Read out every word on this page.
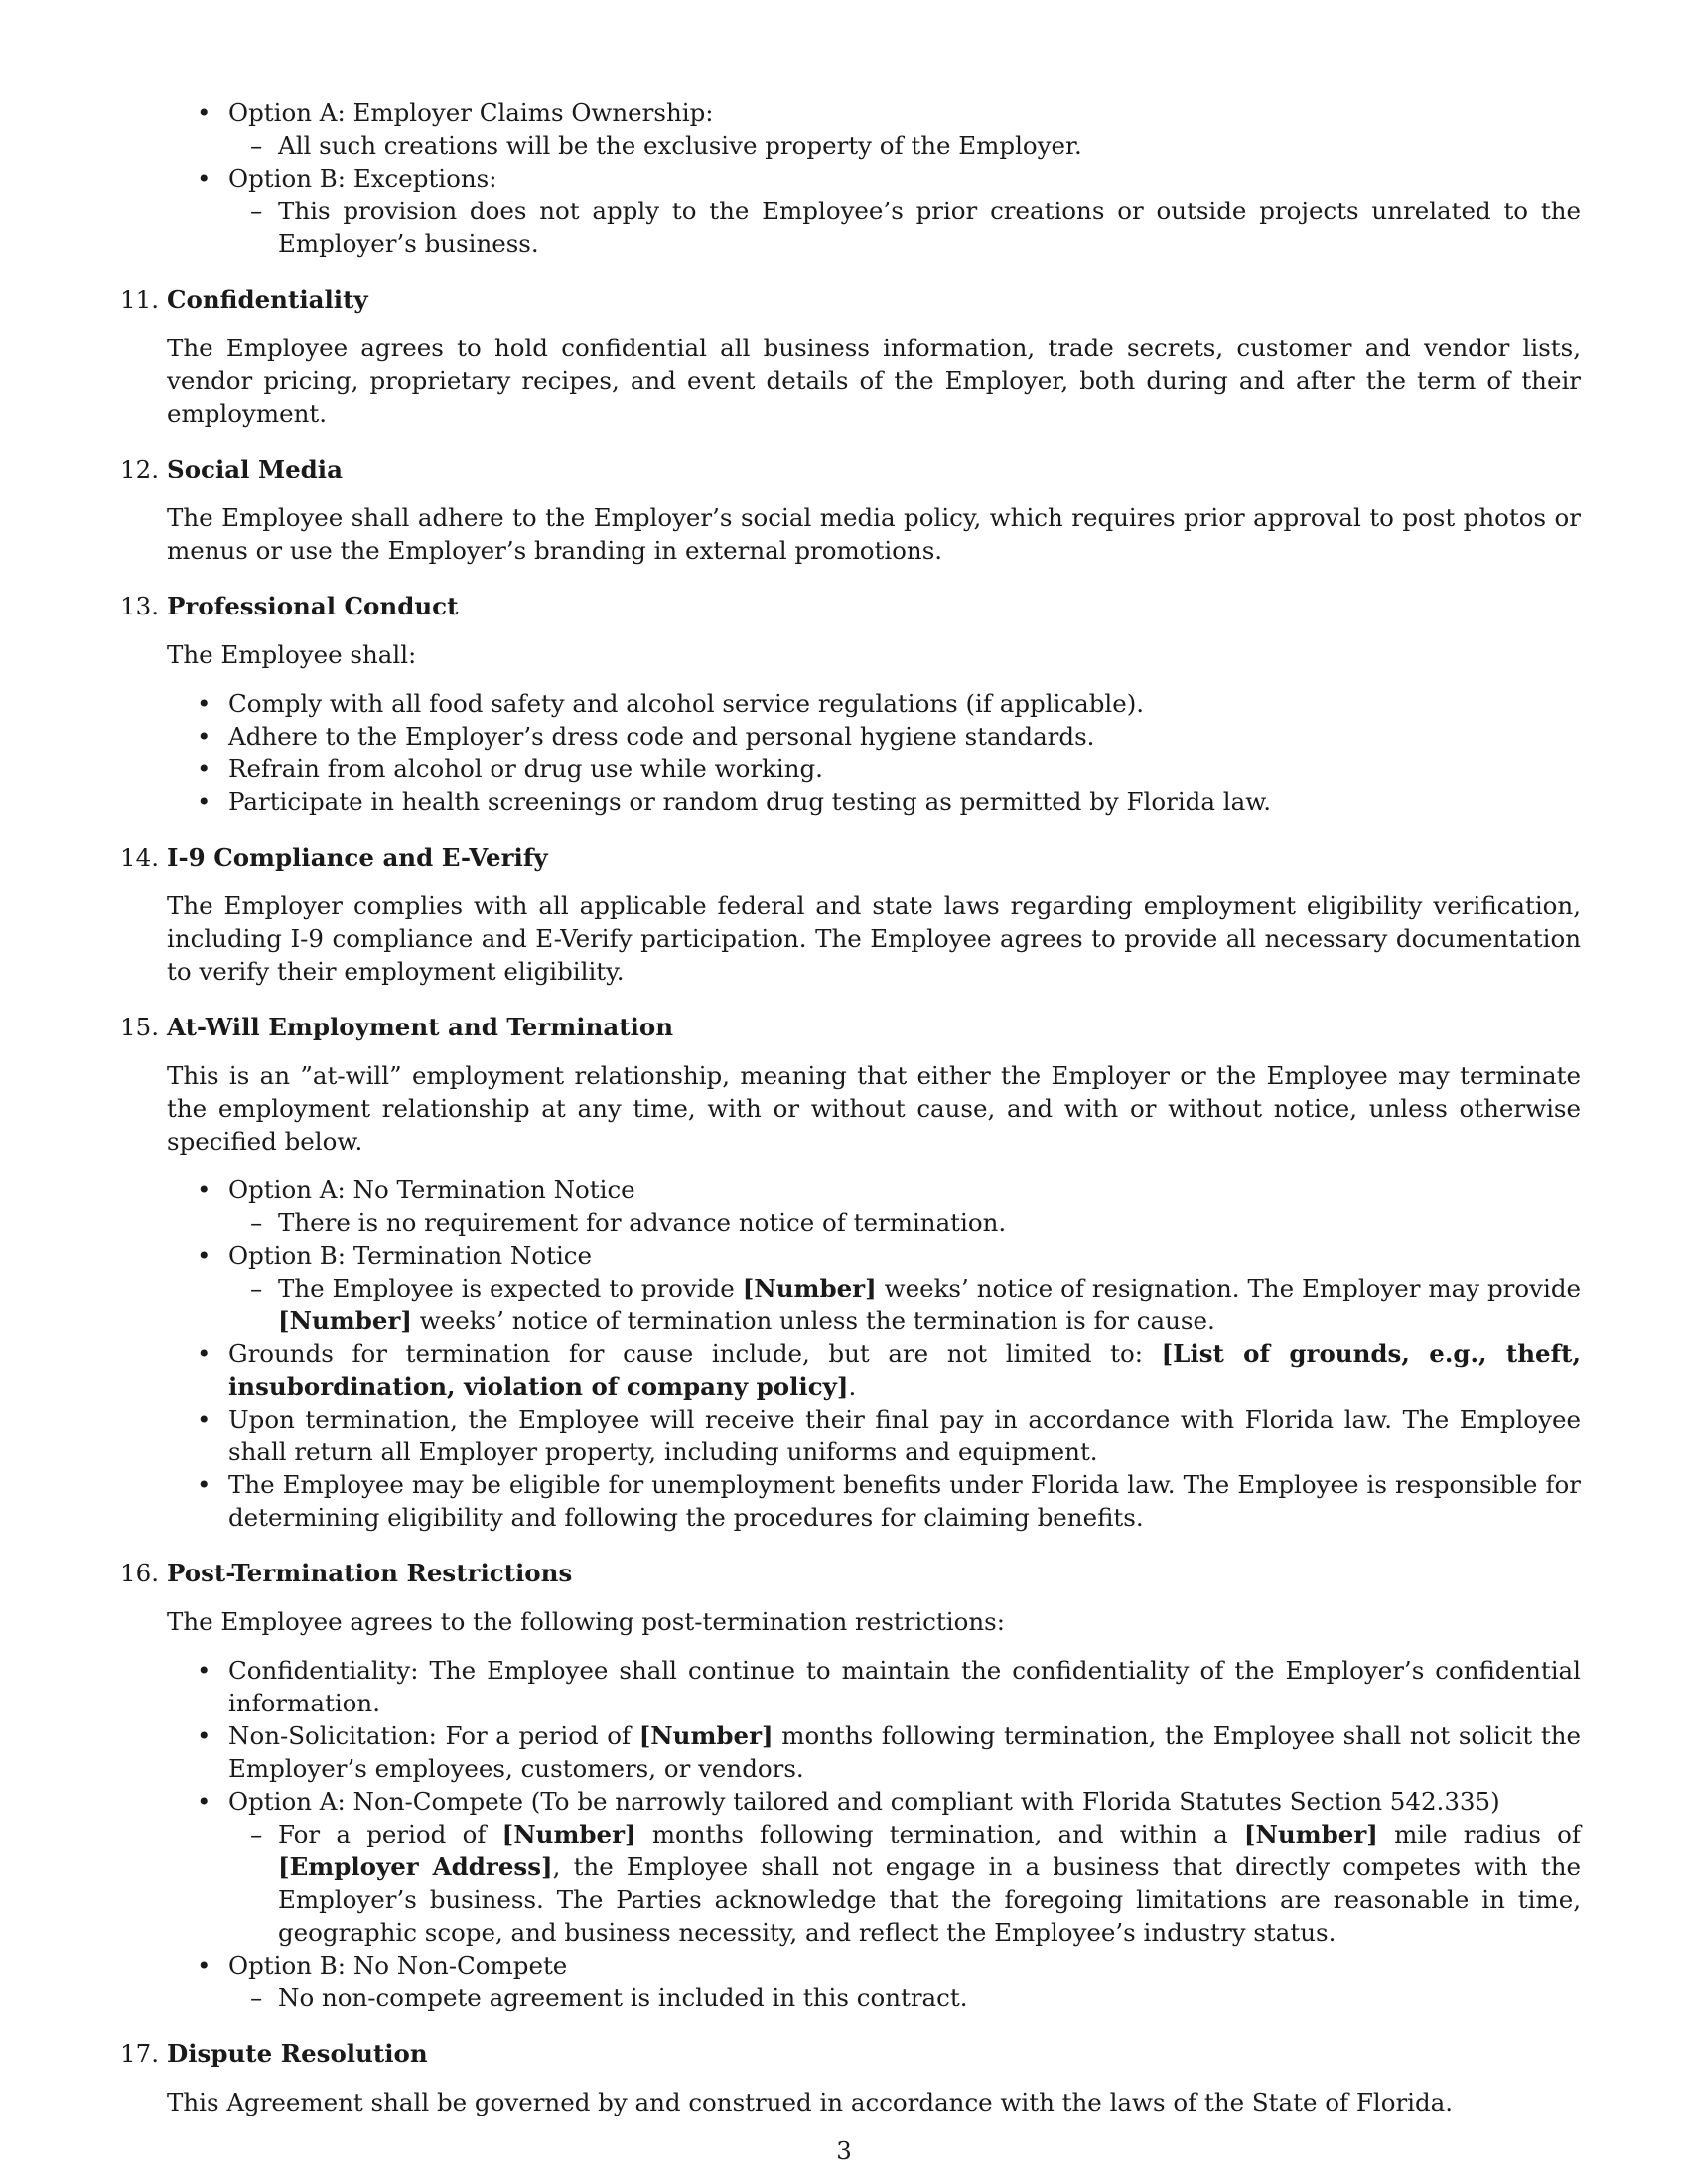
• Option A: Employer Claims Ownership:
– All such creations will be the exclusive property of the Employer.
• Option B: Exceptions:
– This provision does not apply to the Employee’s prior creations or outside projects unrelated to the Employer’s business.
11. Confidentiality
The Employee agrees to hold confidential all business information, trade secrets, customer and vendor lists, vendor pricing, proprietary recipes, and event details of the Employer, both during and after the term of their employment.
12. Social Media
The Employee shall adhere to the Employer’s social media policy, which requires prior approval to post photos or menus or use the Employer’s branding in external promotions.
13. Professional Conduct
The Employee shall:
• Comply with all food safety and alcohol service regulations (if applicable).
• Adhere to the Employer’s dress code and personal hygiene standards.
• Refrain from alcohol or drug use while working.
• Participate in health screenings or random drug testing as permitted by Florida law.
14. I-9 Compliance and E-Verify
The Employer complies with all applicable federal and state laws regarding employment eligibility verification, including I-9 compliance and E-Verify participation. The Employee agrees to provide all necessary documentation to verify their employment eligibility.
15. At-Will Employment and Termination
This is an ”at-will” employment relationship, meaning that either the Employer or the Employee may terminate the employment relationship at any time, with or without cause, and with or without notice, unless otherwise specified below.
• Option A: No Termination Notice
– There is no requirement for advance notice of termination.
• Option B: Termination Notice
– The Employee is expected to provide [Number] weeks’ notice of resignation. The Employer may provide [Number] weeks’ notice of termination unless the termination is for cause.
• Grounds for termination for cause include, but are not limited to: [List of grounds, e.g., theft, insubordination, violation of company policy].
• Upon termination, the Employee will receive their final pay in accordance with Florida law. The Employee shall return all Employer property, including uniforms and equipment.
• The Employee may be eligible for unemployment benefits under Florida law. The Employee is responsible for determining eligibility and following the procedures for claiming benefits.
16. Post-Termination Restrictions
The Employee agrees to the following post-termination restrictions:
• Confidentiality: The Employee shall continue to maintain the confidentiality of the Employer’s confidential information.
• Non-Solicitation: For a period of [Number] months following termination, the Employee shall not solicit the Employer’s employees, customers, or vendors.
• Option A: Non-Compete (To be narrowly tailored and compliant with Florida Statutes Section 542.335)
– For a period of [Number] months following termination, and within a [Number] mile radius of [Employer Address], the Employee shall not engage in a business that directly competes with the Employer’s business. The Parties acknowledge that the foregoing limitations are reasonable in time, geographic scope, and business necessity, and reflect the Employee’s industry status.
• Option B: No Non-Compete
– No non-compete agreement is included in this contract.
17. Dispute Resolution
This Agreement shall be governed by and construed in accordance with the laws of the State of Florida.
3
